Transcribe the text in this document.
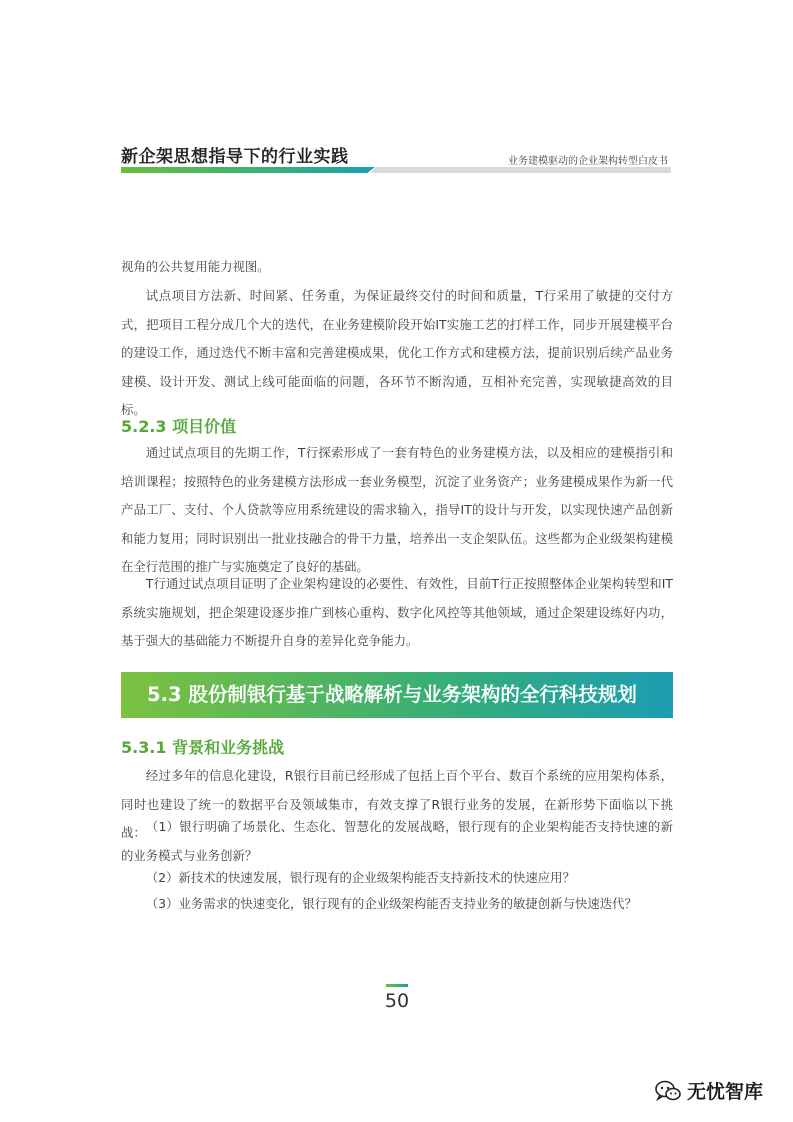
新企架思想指导下的行业实践	业务建模驱动的企业架构转型白皮书

视角的公共复用能力视图。

试点项目方法新、时间紧、任务重，为保证最终交付的时间和质量，T行采用了敏捷的交付方式，把项目工程分成几个大的迭代，在业务建模阶段开始IT实施工艺的打样工作，同步开展建模平台的建设工作，通过迭代不断丰富和完善建模成果，优化工作方式和建模方法，提前识别后续产品业务建模、设计开发、测试上线可能面临的问题，各环节不断沟通，互相补充完善，实现敏捷高效的目标。

5.2.3 项目价值

通过试点项目的先期工作，T行探索形成了一套有特色的业务建模方法，以及相应的建模指引和培训课程；按照特色的业务建模方法形成一套业务模型，沉淀了业务资产；业务建模成果作为新一代产品工厂、支付、个人贷款等应用系统建设的需求输入，指导IT的设计与开发，以实现快速产品创新和能力复用；同时识别出一批业技融合的骨干力量，培养出一支企架队伍。这些都为企业级架构建模在全行范围的推广与实施奠定了良好的基础。

T行通过试点项目证明了企业架构建设的必要性、有效性，目前T行正按照整体企业架构转型和IT系统实施规划，把企架建设逐步推广到核心重构、数字化风控等其他领域，通过企架建设练好内功，基于强大的基础能力不断提升自身的差异化竞争能力。

5.3 股份制银行基于战略解析与业务架构的全行科技规划
5.3.1 背景和业务挑战

经过多年的信息化建设，R银行目前已经形成了包括上百个平台、数百个系统的应用架构体系，同时也建设了统一的数据平台及领域集市，有效支撑了R银行业务的发展，在新形势下面临以下挑战： （1）银行明确了场景化、生态化、智慧化的发展战略，银行现有的企业架构能否支持快速的新的业务模式与业务创新？

（2）新技术的快速发展，银行现有的企业级架构能否支持新技术的快速应用？

（3）业务需求的快速变化，银行现有的企业级架构能否支持业务的敏捷创新与快速迭代？

50
无忧智库
